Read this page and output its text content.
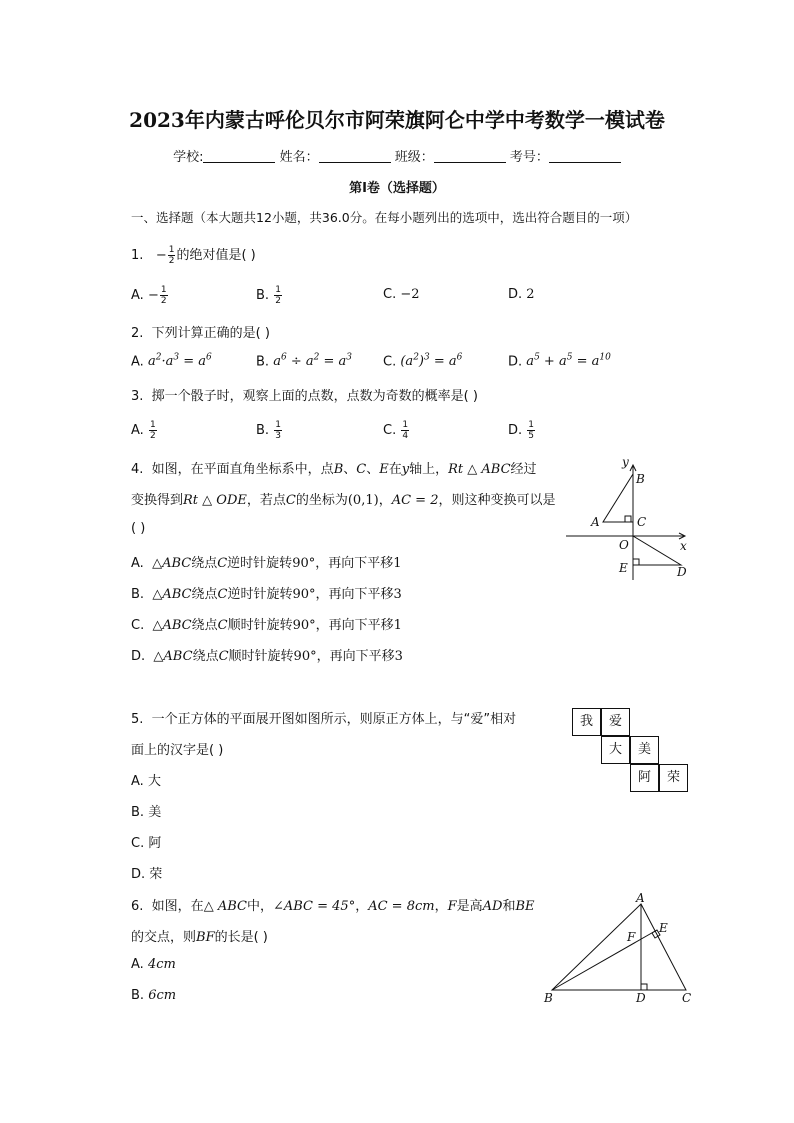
2023年内蒙古呼伦贝尔市阿荣旗阿仑中学中考数学一模试卷
学校:	姓名：	班级：	考号：
第I卷（选择题）
一、选择题（本大题共12小题，共36.0分。在每小题列出的选项中，选出符合题目的一项）
1. − $\frac{1}{2}$ 的绝对值是( )
A. − $\frac{1}{2}$	B. $\frac{1}{2}$	C. −2	D. 2
2. 下列计算正确的是( )
A. $a^2\cdot a^3 = a^6$	B. $a^6 \div a^2 = a^3$ C. $(a^2)^3 = a^6$	D. $a^5 + a^5 = a^{10}$
3. 掷一个骰子时，观察上面的点数，点数为奇数的概率是( )
A. $\frac{1}{2}$	B. $\frac{1}{3}$	C. $\frac{1}{4}$	D. $\frac{1}{5}$
4. 如图，在平面直角坐标系中，点B、C、E在y轴上，Rt △ ABC经过
变换得到Rt △ ODE，若点C的坐标为(0,1)，AC = 2，则这种变换可以是
( )
A. △ABC绕点C逆时针旋转90°，再向下平移1
B. △ABC绕点C逆时针旋转90°，再向下平移3
C. △ABC绕点C顺时针旋转90°，再向下平移1
D. △ABC绕点C顺时针旋转90°，再向下平移3
y
x
B
A	C
O
E	D
5. 一个正方体的平面展开图如图所示，则原正方体上，与“爱”相对
面上的汉字是( )
A. 大
B. 美
C. 阿
D. 荣
我	爱
大	美
阿	荣
6. 如图，在△ ABC中，∠ABC = 45°，AC = 8cm，F是高AD和BE
的交点，则BF的长是( )
A. 4cm
B. 6cm
A
E
F
B	D	C
